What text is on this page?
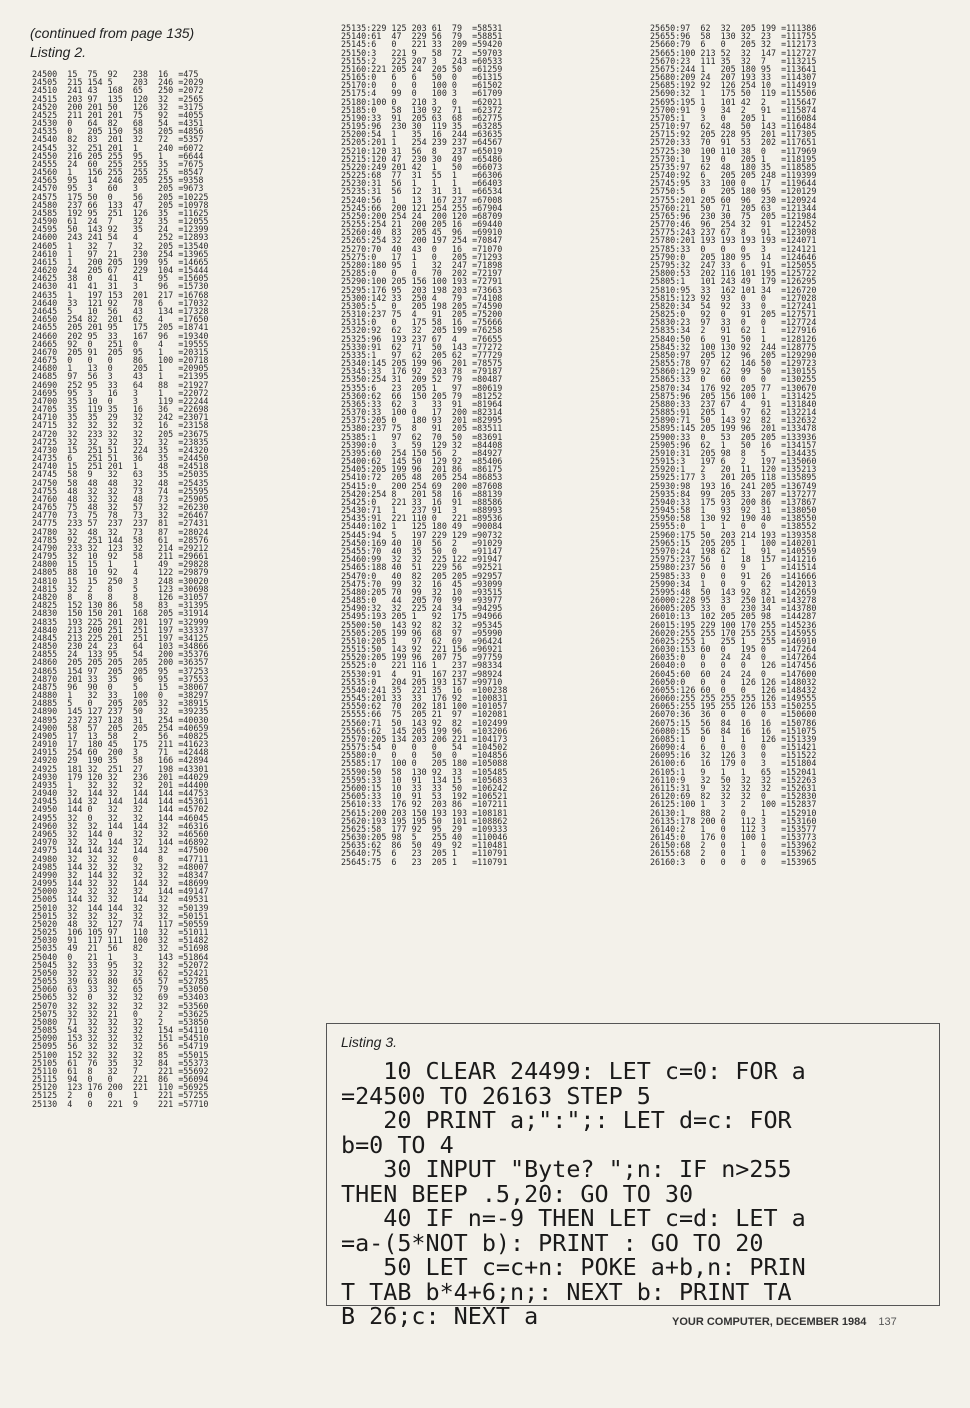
(continued from page 135)
Listing 2.
24500  15  75  92   238  16  =475
24505  215 154 5    203  246 =2029
24510  241 43  168  65   250 =2072
24515  203 97  135  120  32  =2565
24520  200 201 50   126  32  =3175
24525  211 201 201  75   92  =4055
24530  0   64  82   68   54  =4351
24535  0   205 150  58   205 =4856
24540  82  83  201  32   72  =5357
24545  32  251 201  1    240 =6072
24550  216 205 255  95   1   =6644
24555  24  60  255  255  35  =7675
24560  1   156 255  255  25  =8547
24565  95  14  246  205  255 =9358
24570  95  3   60   3    205 =9673
24575  175 50  0    56   205 =10225
24580  237 66  133  47   205 =10978
24585  192 95  251  126  35  =11625
24590  61  24  7    32   35  =12055
24595  50  143 92   35   24  =12399
24600  243 241 54   4    252 =12893
24605  1   32  7    32   205 =13540
24610  1   97  21   230  254 =13965
24615  1   200 205  199  95  =14665
24620  24  205 67   229  104 =15444
24625  38  0   41   41   95  =15605
24630  41  41  31   3    96  =15730
24635  1   197 153  201  217 =16768
24640  33  121 92   78   6   =17032
24645  5   10  56   43   134 =17328
24650  254 82  201  62   4   =17650
24655  205 201 95   175  205 =18741
24660  202 95  33   167  96  =19340
24665  92  0   251  0    4   =19555
24670  205 91  205  95   1   =20315
24675  0   0   0    86   100 =20718
24680  1   13  0    205  1   =20905
24685  97  56  3    43   1   =21395
24690  252 95  33   64   88  =21927
24695  95  3   16   3    1   =22072
24700  35  10  0    3    119 =22244
24705  35  119 35   16   36  =22698
24710  35  35  29   32   242 =23071
24715  32  32  32   32   16  =23158
24720  32  233 32   32   205 =23675
24725  32  32  32   32   32  =23835
24730  15  251 51   224  35  =24320
24735  6   251 51   36   35  =24450
24740  15  251 201  1    48  =24518
24745  58  9   32   63   35  =25035
24750  58  48  48   32   48  =25435
24755  48  32  32   73   74  =25595
24760  48  32  32   48   73  =25905
24765  75  48  32   57   32  =26230
24770  73  75  78   73   32  =26467
24775  233 57  237  237  81  =27431
24780  32  48  32   73   87  =28024
24785  92  251 144  58   61  =28576
24790  233 32  123  32   214 =29212
24795  32  10  92   58   211 =29661
24800  15  15  1    1    49  =29828
24805  88  10  92   4    122 =29879
24810  15  15  250  3    248 =30020
24815  32  2   8    5    123 =30698
24820  8   8   8    8    126 =31057
24825  152 130 86   58   83  =31395
24830  150 150 201  168  205 =31914
24835  193 225 201  201  197 =32999
24840  213 200 251  251  197 =33337
24845  213 225 201  251  197 =34125
24850  230 24  23   64   103 =34866
24855  24  133 95   54   200 =35376
24860  205 205 205  205  200 =36357
24865  154 97  205  205  95  =37253
24870  201 33  35   96   95  =37553
24875  96  90  0    5    15  =38067
24880  1   32  33   100  0   =38297
24885  5   0   205  205  32  =38915
24890  145 127 237  50   32  =39235
24895  237 237 128  31   254 =40030
24900  58  57  205  205  254 =40659
24905  17  13  58   2    56  =40825
24910  17  180 45   175  211 =41623
24915  254 60  200  3    71  =42448
24920  29  190 35   58   166 =42894
24925  181 32  251  27   198 =43301
24930  179 120 32   236  201 =44029
24935  1   32  32   32   201 =44400
24940  32  144 32   144  144 =44753
24945  144 32  144  144  144 =45361
24950  144 0   32   32   144 =45702
24955  32  0   32   32   144 =46045
24960  32  32  144  144  32  =46316
24965  32  144 0    32   32  =46560
24970  32  32  144  32   144 =46892
24975  144 144 32   144  32  =47500
24980  32  32  32   0    8   =47711
24985  144 32  32   32   32  =48007
24990  32  144 32   32   32  =48347
24995  144 32  32   144  32  =48699
25000  32  32  32   32   144 =49147
25005  144 32  32   144  32  =49531
25010  32  144 144  32   32  =50139
25015  32  32  32   32   32  =50151
25020  48  32  127  74   117 =50559
25025  106 105 97   110  32  =51011
25030  91  117 111  100  32  =51482
25035  49  21  56   82   32  =51698
25040  0   21  1    3    143 =51864
25045  32  33  95   32   32  =52072
25050  32  32  32   32   62  =52421
25055  39  63  80   65   57  =52785
25060  63  33  32   65   79  =53050
25065  32  0   32   32   69  =53403
25070  32  32  32   32   32  =53560
25075  32  32  21   0    2   =53625
25080  71  32  32   32   2   =53850
25085  54  32  32   32   154 =54110
25090  153 32  32   32   151 =54510
25095  56  32  32   32   56  =54719
25100  152 32  32   32   85  =55015
25105  61  76  35   32   84  =55373
25110  61  8   32   7    221 =55692
25115  94  0   0    221  86  =56094
25120  123 176 200  221  110 =56925
25125  2   0   0    1    221 =57255
25130  4   0   221  9    221 =57710
25135:229 125 203 61  79  =58531
25140:61  47  229 56  79  =58851
25145:6   0   221 33  209 =59420
25150:3   221 9   58  72  =59703
25155:2   225 207 3   243 =60533
25160:221 205 24  205 50  =61259
25165:0   6   6   50  0   =61315
25170:0   0   0   100 0   =61502
25175:4   99  0   100 3   =61709
25180:100 0   210 3   0   =62021
25185:0   58  130 92  71  =62372
25190:33  91  205 63  68  =62775
25195:96  230 30  119 35  =63285
25200:54  1   35  16  244 =63635
25205:201 1   254 239 237 =64567
25210:120 31  56  8   237 =65019
25215:120 47  230 30  49  =65486
25220:249 201 42  1   50  =66073
25225:68  77  31  55  1   =66306
25230:31  56  1   1   1   =66403
25235:31  56  12  31  31  =66534
25240:56  1   13  167 237 =67008
25245:66  200 121 254 255 =67904
25250:200 254 24  200 120 =68709
25255:254 21  200 205 16  =69440
25260:40  83  205 45  96  =69910
25265:254 32  200 197 254 =70847
25270:70  40  43  0   16  =71070
25275:0   17  1   0   205 =71293
25280:180 95  1   32  247 =71898
25285:0   0   0   70  202 =72197
25290:100 205 156 100 193 =72791
25295:176 95  203 198 203 =73663
25300:142 33  250 4   79  =74108
25305:5   0   205 198 205 =74590
25310:237 75  4   91  205 =75200
25315:0   0   175 58  16  =75666
25320:92  62  32  205 199 =76258
25325:96  193 237 67  4   =76655
25330:91  62  71  50  143 =77272
25335:1   97  62  205 62  =77729
25340:145 205 199 96  201 =78575
25345:33  176 92  203 78  =79187
25350:254 31  209 52  79  =80487
25355:6   23  205 1   97  =80619
25360:62  66  150 205 79  =81252
25365:33  62  3   33  91  =81964
25370:33  100 0   17  200 =82314
25375:205 0   180 93  201 =82995
25380:237 75  8   91  205 =83511
25385:1   97  62  70  50  =83691
25390:0   3   59  129 32  =84408
25395:60  254 150 56  2   =84927
25400:62  145 50  129 92  =85406
25405:205 199 96  201 86  =86175
25410:72  205 48  205 254 =86853
25415:0   200 254 69  200 =87608
25420:254 8   201 58  16  =88139
25425:0   221 33  16  91  =88586
25430:71  1   237 91  3   =88993
25435:91  221 110 0   221 =89536
25440:102 1   125 180 49  =90084
25445:94  5   197 229 129 =90732
25450:169 40  10  56  2   =91029
25455:70  40  35  50  0   =91147
25460:99  32  32  225 122 =91947
25465:188 40  51  229 56  =92521
25470:0   40  82  205 205 =92957
25475:70  99  32  16  45  =93099
25480:205 70  99  32  10  =93515
25485:0   44  205 70  99  =93977
25490:32  32  225 24  34  =94295
25495:193 205 1   92  175 =94966
25500:50  143 92  82  32  =95345
25505:205 199 96  68  97  =95990
25510:205 1   97  62  69  =96424
25515:50  143 92  221 156 =96921
25520:205 199 96  207 75  =97759
25525:0   221 116 1   237 =98334
25530:91  4   91  167 237 =98924
25535:0   204 205 193 157 =99710
25540:241 35  221 35  16  =100238
25545:201 33  33  176 92  =100831
25550:62  70  202 181 100 =101057
25555:66  75  205 21  97  =102081
25560:71  50  143 92  82  =102499
25565:62  145 205 199 96  =103206
25570:205 134 203 206 221 =104173
25575:54  0   0   0   54  =104502
25580:0   0   0   50  0   =104856
25585:17  100 0   205 180 =105088
25590:50  58  130 92  33  =105485
25595:33  10  91  134 15  =105683
25600:15  10  33  33  50  =106242
25605:33  10  91  53  192 =106521
25610:33  176 92  203 86  =107211
25615:200 203 150 193 193 =108181
25620:193 195 195 50  101 =108862
25625:58  177 92  95  29  =109333
25630:205 98  5   255 40  =110046
25635:62  86  50  49  92  =110481
25640:75  6   23  205 1   =110791
25645:75  6   23  205 1   =110791
25650:97  62  32  205 199 =111386
25655:96  58  130 32  23  =111755
25660:79  6   0   205 32  =112173
25665:100 213 52  32  147 =112727
25670:23  111 35  32  7   =113215
25675:244 1   205 180 95  =113641
25680:209 24  207 193 33  =114307
25685:192 92  126 254 10  =114919
25690:32  1   175 50  119 =115506
25695:195 1   101 42  2   =115647
25700:91  9   34  2   91  =115874
25705:1   3   0   205 1   =116084
25710:97  62  48  50  143 =116484
25715:92  205 228 95  201 =117305
25720:33  70  91  53  202 =117651
25725:30  100 110 38  0   =117969
25730:1   19  0   205 1   =118195
25735:97  62  48  180 35  =118585
25740:92  6   205 205 248 =119399
25745:95  33  100 0   17  =119644
25750:5   0   205 180 95  =120129
25755:201 205 60  96  230 =120924
25760:21  50  71  205 63  =121344
25765:96  230 30  75  205 =121984
25770:46  96  254 32  91  =122452
25775:243 237 67  8   91  =123098
25780:201 193 193 193 193 =124071
25785:33  0   0   0   3   =124121
25790:0   205 180 95  14  =124646
25795:32  247 33  6   91  =125055
25800:53  202 116 101 195 =125722
25805:1   101 243 49  179 =126295
25810:95  33  162 101 34  =126720
25815:123 92  93  0   0   =127028
25820:34  54  92  33  0   =127241
25825:0   92  0   91  205 =127571
25830:23  97  33  0   0   =127724
25835:34  2   91  62  1   =127916
25840:50  6   91  50  1   =128126
25845:32  100 130 92  244 =128775
25850:97  205 12  96  205 =129290
25855:78  97  62  146 50  =129723
25860:129 92  62  99  50  =130155
25865:33  0   60  0   0   =130255
25870:34  176 92  205 77  =130670
25875:96  205 156 100 1   =131425
25880:33  237 67  4   91  =131840
25885:91  205 1   97  62  =132214
25890:71  50  143 92  82  =132632
25895:145 205 199 96  201 =133478
25900:33  0   53  205 205 =133936
25905:96  62  1   50  16  =134157
25910:31  205 98  8   5   =134435
25915:3   197 6   2   197 =135060
25920:1   2   20  11  120 =135213
25925:177 3   201 205 118 =135895
25930:98  193 16  241 205 =136749
25935:84  99  205 33  207 =137277
25940:33  175 93  200 86  =137867
25945:58  1   93  92  31  =138050
25950:58  130 92  190 40  =138550
25955:0   1   1   0   0   =138552
25960:175 50  203 214 193 =139358
25965:15  205 205 1   100 =140201
25970:24  198 62  1   91  =140559
25975:237 56  1   18  157 =141216
25980:237 56  0   9   1   =141514
25985:33  0   0   91  26  =141666
25990:34  1   0   9   62  =142013
25995:48  50  143 92  82  =142659
26000:228 95  33  250 101 =143278
26005:205 33  0   230 34  =143780
26010:13  102 205 205 98  =144287
26015:195 229 100 170 255 =145236
26020:255 255 170 255 255 =145955
26025:255 1   255 1   255 =146910
26030:153 60  0   195 0   =147264
26035:0   0   24  24  0   =147264
26040:0   0   0   0   126 =147456
26045:60  60  24  24  0   =147600
26050:0   0   0   126 126 =148032
26055:126 60  0   0   126 =148432
26060:255 255 255 255 126 =149555
26065:255 195 255 126 153 =150255
26070:36  36  0   0   0   =150600
26075:15  56  84  16  16  =150786
26080:15  56  84  16  16  =151075
26085:1   0   1   1   126 =151339
26090:4   6   0   0   0   =151421
26095:16  32  126 3   0   =151522
26100:6   16  179 0   3   =151804
26105:1   9   1   1   65  =152041
26110:9   32  50  32  32  =152263
26115:31  9   32  32  32  =152631
26120:69  82  32  32  0   =152830
26125:100 1   3   2   100 =152837
26130:1   88  2   0   1   =152910
26135:178 200 0   112 3   =153160
26140:2   1   0   112 3   =153577
26145:0   176 0   100 1   =153773
26150:68  2   0   1   0   =153962
26155:68  2   0   1   0   =153962
26160:3   0   0   0   0   =153965
Listing 3.
10 CLEAR 24499: LET c=0: FOR a
=24500 TO 26163 STEP 5
20 PRINT a;":";: LET d=c: FOR
b=0 TO 4
30 INPUT "Byte? ";n: IF n>255
THEN BEEP .5,20: GO TO 30
40 IF n=-9 THEN LET c=d: LET a
=a-(5*NOT b): PRINT : GO TO 20
50 LET c=c+n: POKE a+b,n: PRIN
T TAB b*4+6;n;: NEXT b: PRINT TA
B 26;c: NEXT a	YOUR COMPUTER, DECEMBER 1984 137
